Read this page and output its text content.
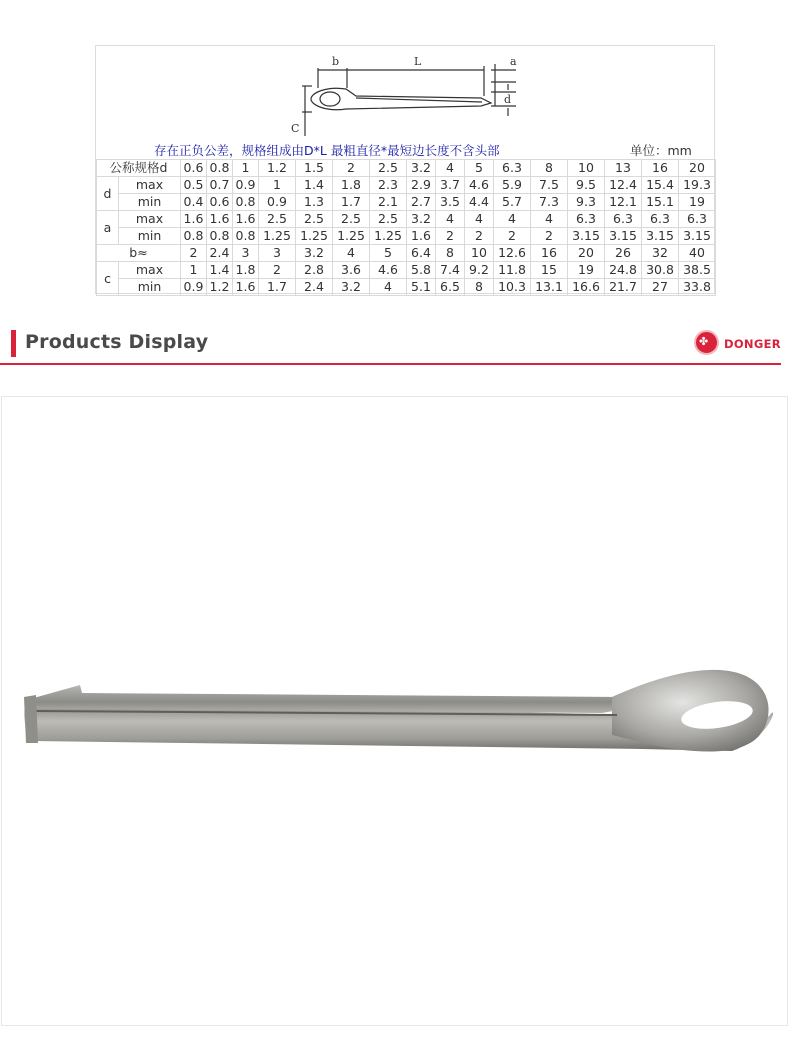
b	L	a
d
C
存在正负公差，规格组成由D*L 最粗直径*最短边长度不含头部	单位：mm
公称规格d		0.6	0.8	1	1.2	1.5	2	2.5	3.2	4	5	6.3	8	10	13	16	20
d	max	0.5	0.7	0.9	1	1.4	1.8	2.3	2.9	3.7	4.6	5.9	7.5	9.5	12.4	15.4	19.3
	min	0.4	0.6	0.8	0.9	1.3	1.7	2.1	2.7	3.5	4.4	5.7	7.3	9.3	12.1	15.1	19
a	max	1.6	1.6	1.6	2.5	2.5	2.5	2.5	3.2	4	4	4	4	6.3	6.3	6.3	6.3
	min	0.8	0.8	0.8	1.25	1.25	1.25	1.25	1.6	2	2	2	2	3.15	3.15	3.15	3.15
b≈		2	2.4	3	3	3.2	4	5	6.4	8	10	12.6	16	20	26	32	40
c	max	1	1.4	1.8	2	2.8	3.6	4.6	5.8	7.4	9.2	11.8	15	19	24.8	30.8	38.5
	min	0.9	1.2	1.6	1.7	2.4	3.2	4	5.1	6.5	8	10.3	13.1	16.6	21.7	27	33.8
Products Display	✤ DONGER
